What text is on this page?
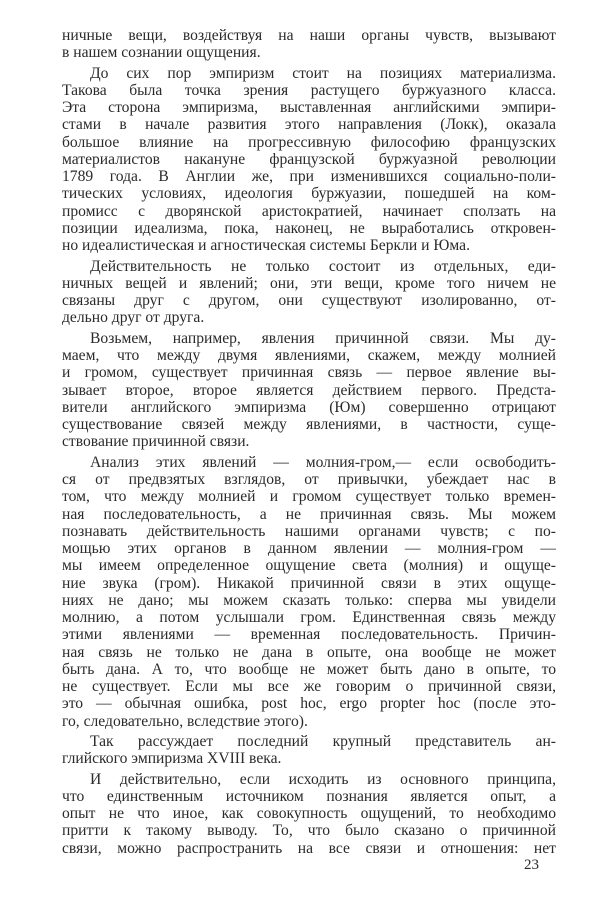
ничные вещи, воздействуя на наши органы чувств, вызывают
в нашем сознании ощущения.
До сих пор эмпиризм стоит на позициях материализма.
Такова была точка зрения растущего буржуазного класса.
Эта сторона эмпиризма, выставленная английскими эмпири-
стами в начале развития этого направления (Локк), оказала
большое влияние на прогрессивную философию французских
материалистов накануне французской буржуазной революции
1789 года. В Англии же, при изменившихся социально-поли-
тических условиях, идеология буржуазии, пошедшей на ком-
промисс с дворянской аристократией, начинает сползать на
позиции идеализма, пока, наконец, не выработались откровен-
но идеалистическая и агностическая системы Беркли и Юма.
Действительность не только состоит из отдельных, еди-
ничных вещей и явлений; они, эти вещи, кроме того ничем не
связаны друг с другом, они существуют изолированно, от-
дельно друг от друга.
Возьмем, например, явления причинной связи. Мы ду-
маем, что между двумя явлениями, скажем, между молнией
и громом, существует причинная связь — первое явление вы-
зывает второе, второе является действием первого. Предста-
вители английского эмпиризма (Юм) совершенно отрицают
существование связей между явлениями, в частности, суще-
ствование причинной связи.
Анализ этих явлений — молния-гром,— если освободить-
ся от предвзятых взглядов, от привычки, убеждает нас в
том, что между молнией и громом существует только времен-
ная последовательность, а не причинная связь. Мы можем
познавать действительность нашими органами чувств; с по-
мощью этих органов в данном явлении — молния-гром —
мы имеем определенное ощущение света (молния) и ощуще-
ние звука (гром). Никакой причинной связи в этих ощуще-
ниях не дано; мы можем сказать только: сперва мы увидели
молнию, а потом услышали гром. Единственная связь между
этими явлениями — временная последовательность. Причин-
ная связь не только не дана в опыте, она вообще не может
быть дана. А то, что вообще не может быть дано в опыте, то
не существует. Если мы все же говорим о причинной связи,
это — обычная ошибка, post hoc, ergo propter hoc (после это-
го, следовательно, вследствие этого).
Так рассуждает последний крупный представитель ан-
глийского эмпиризма XVIII века.
И действительно, если исходить из основного принципа,
что единственным источником познания является опыт, а
опыт не что иное, как совокупность ощущений, то необходимо
притти к такому выводу. То, что было сказано о причинной
связи, можно распространить на все связи и отношения: нет
23
